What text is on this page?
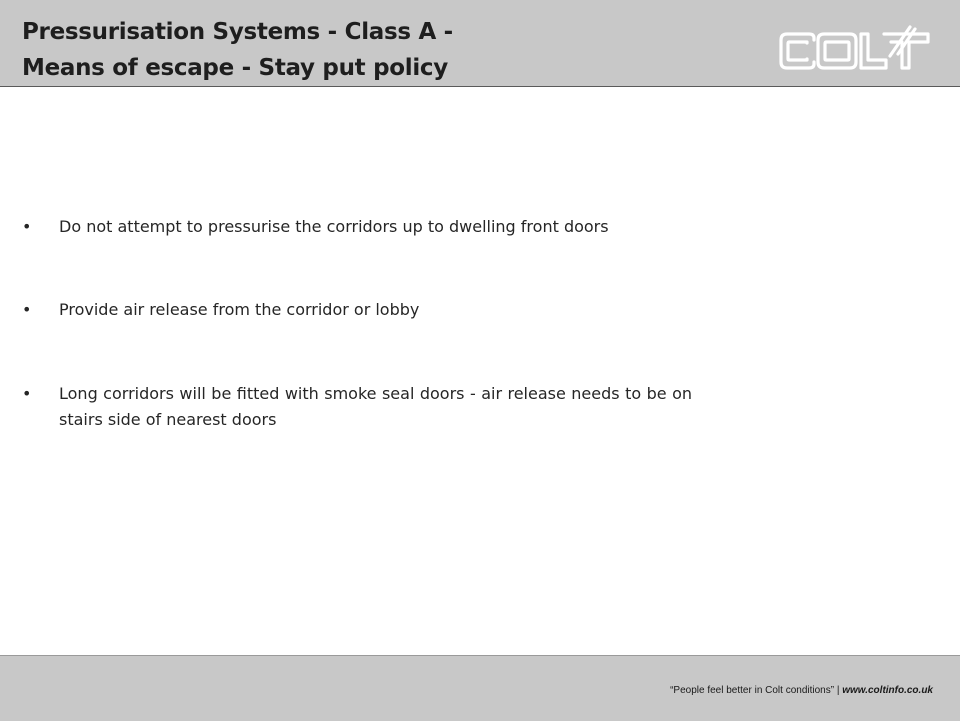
Pressurisation Systems - Class A -
Means of escape - Stay put policy
• Do not attempt to pressurise the corridors up to dwelling front doors
• Provide air release from the corridor or lobby
• Long corridors will be fitted with smoke seal doors - air release needs to be on stairs side of nearest doors
“People feel better in Colt conditions” | www.coltinfo.co.uk
